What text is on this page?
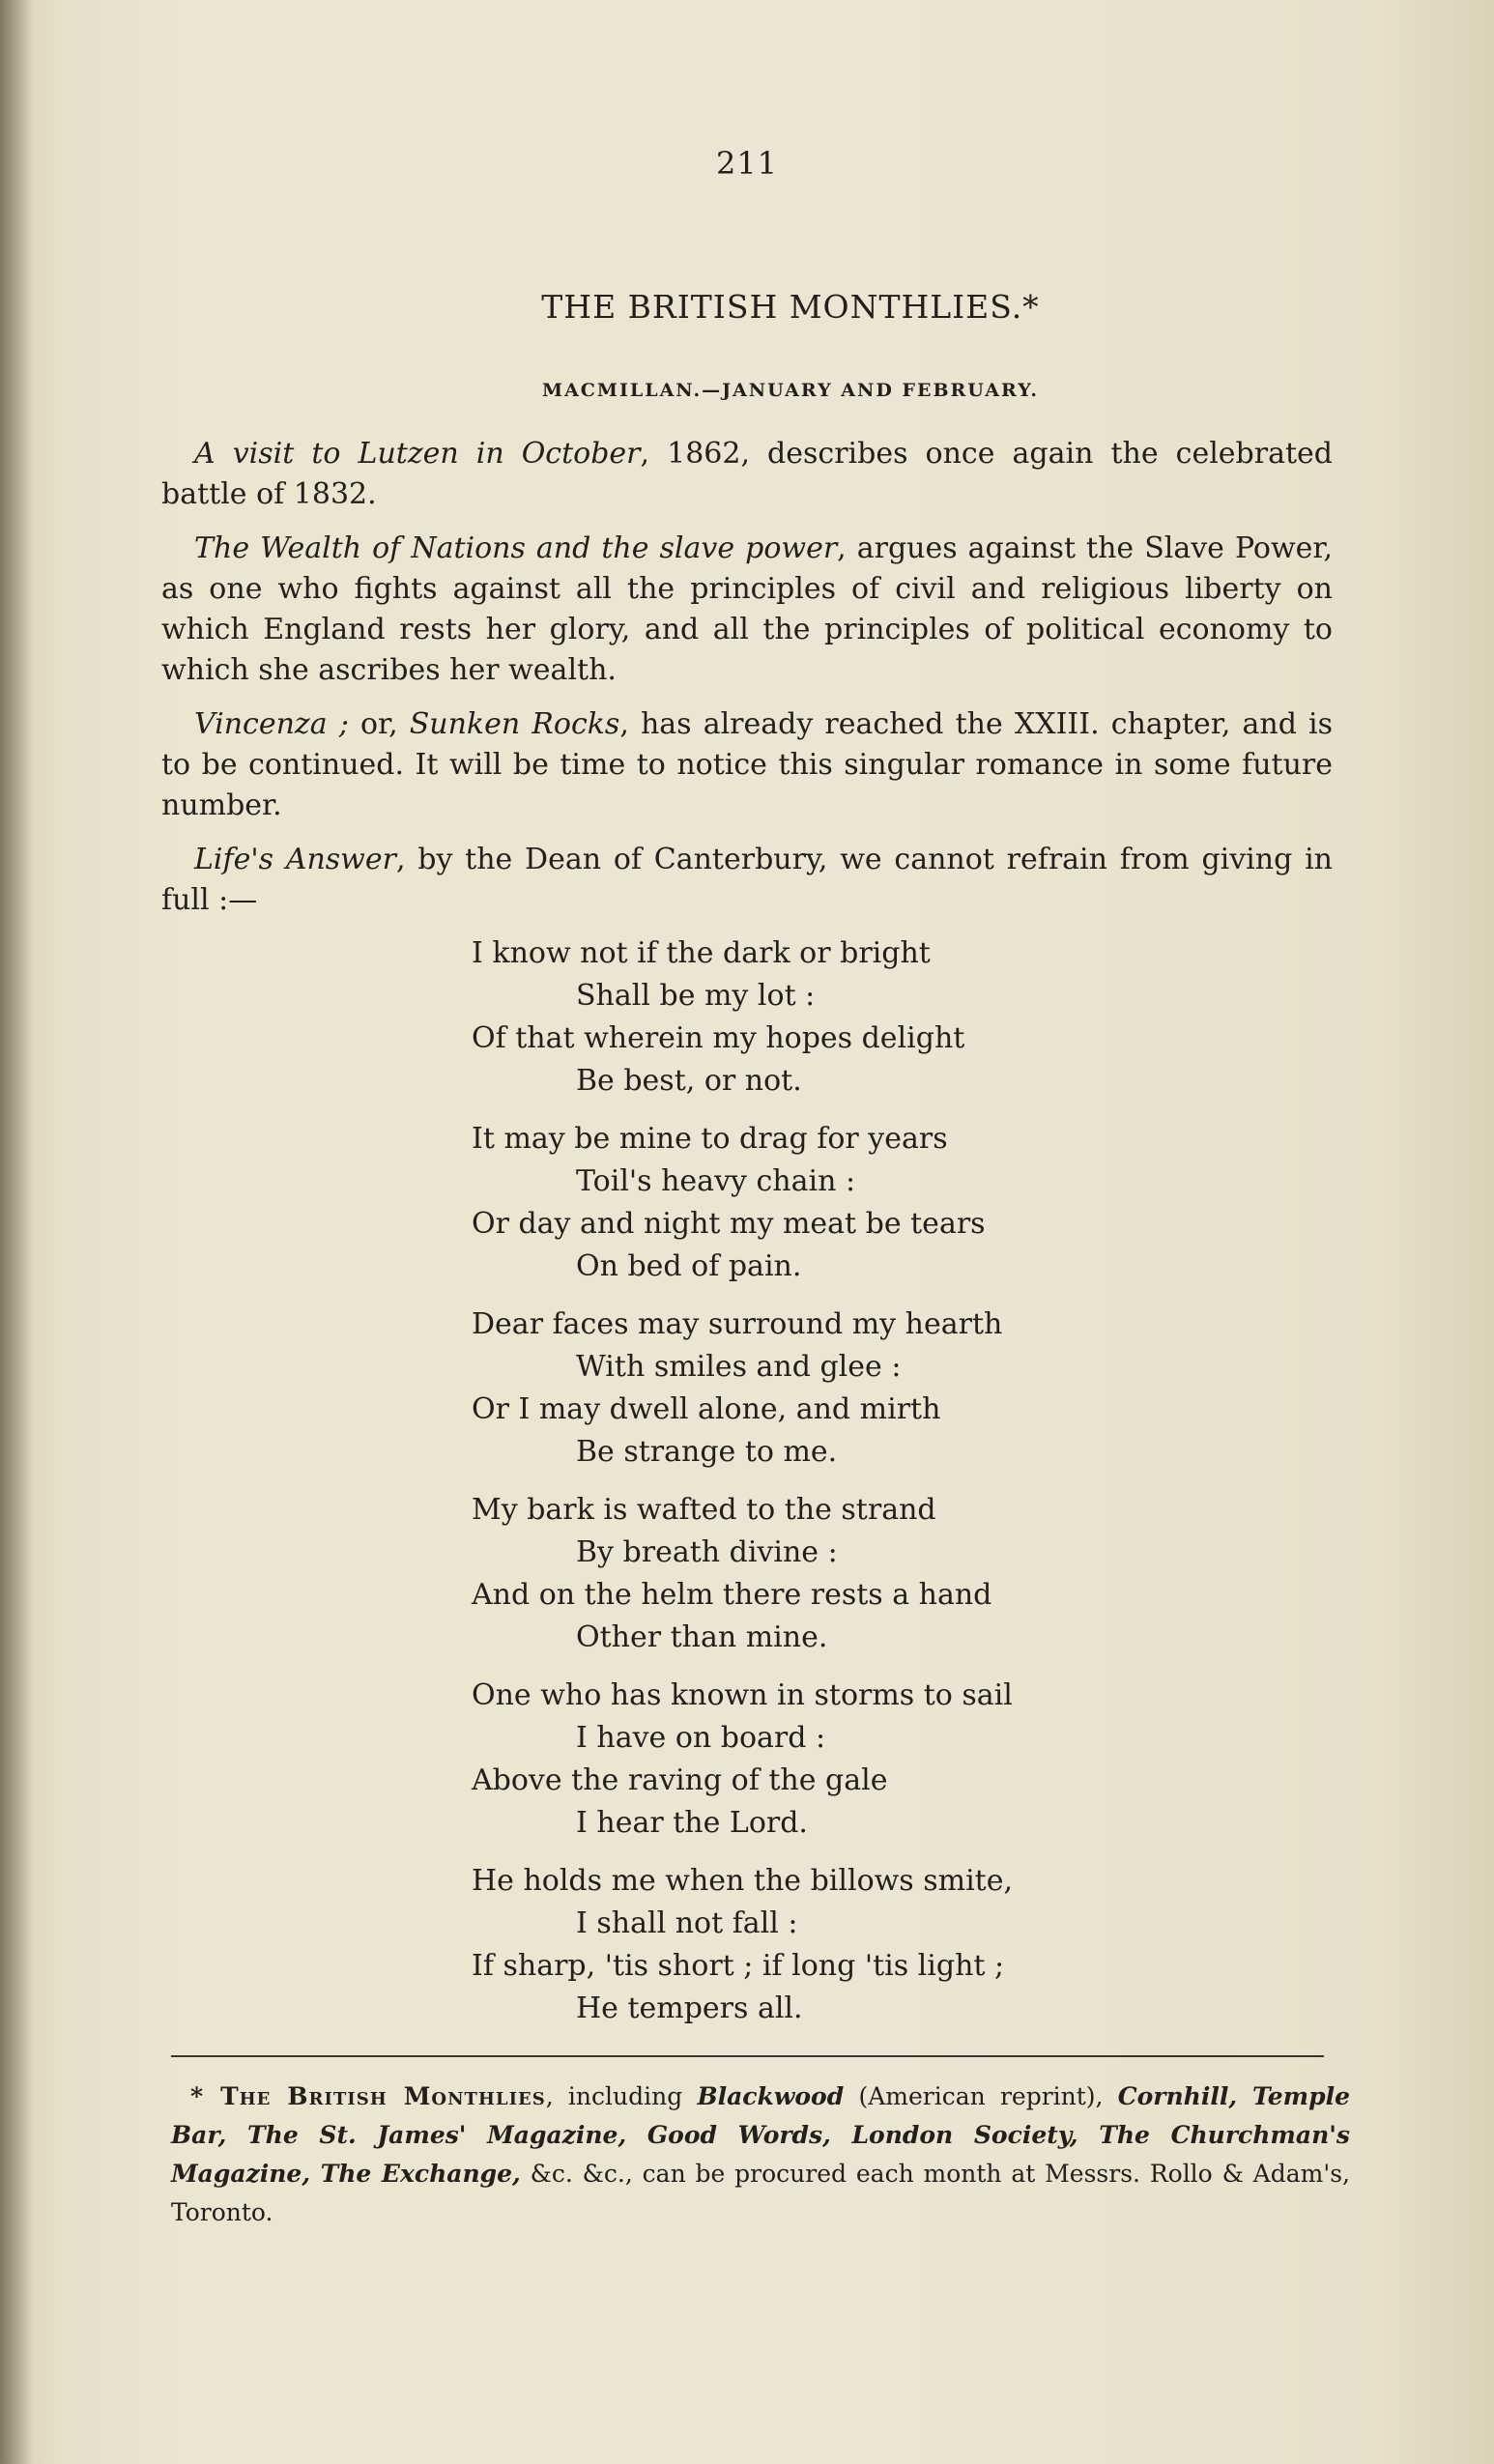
211
THE BRITISH MONTHLIES.*
MACMILLAN.—JANUARY AND FEBRUARY.

A visit to Lutzen in October, 1862, describes once again the celebrated battle of 1832.

The Wealth of Nations and the slave power, argues against the Slave Power, as one who fights against all the principles of civil and religious liberty on which England rests her glory, and all the principles of political economy to which she ascribes her wealth.

Vincenza ; or, Sunken Rocks, has already reached the XXIII. chapter, and is to be continued. It will be time to notice this singular romance in some future number.

Life's Answer, by the Dean of Canterbury, we cannot refrain from giving in full :—

I know not if the dark or bright
Shall be my lot :
Of that wherein my hopes delight
Be best, or not.
It may be mine to drag for years
Toil's heavy chain :
Or day and night my meat be tears
On bed of pain.
Dear faces may surround my hearth
With smiles and glee :
Or I may dwell alone, and mirth
Be strange to me.
My bark is wafted to the strand
By breath divine :
And on the helm there rests a hand
Other than mine.
One who has known in storms to sail
I have on board :
Above the raving of the gale
I hear the Lord.
He holds me when the billows smite,
I shall not fall :
If sharp, 'tis short ; if long 'tis light ;
He tempers all.
* The British Monthlies, including Blackwood (American reprint), Cornhill, Temple Bar, The St. James' Magazine, Good Words, London Society, The Churchman's Magazine, The Exchange, &c. &c., can be procured each month at Messrs. Rollo & Adam's, Toronto.
